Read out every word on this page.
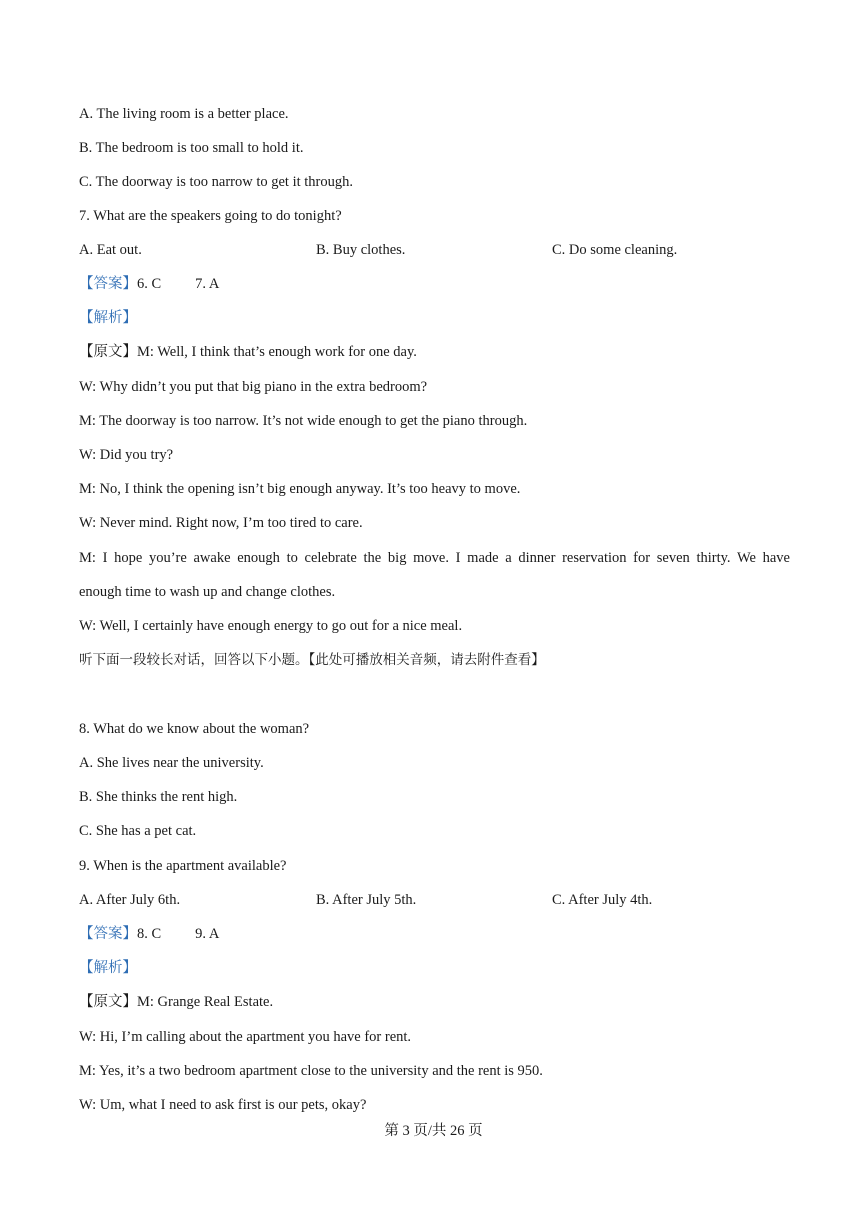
A. The living room is a better place.
B. The bedroom is too small to hold it.
C. The doorway is too narrow to get it through.
7. What are the speakers going to do tonight?
A. Eat out.	B. Buy clothes.	C. Do some cleaning.
【答案】6. C 7. A
【解析】
【原文】M: Well, I think that’s enough work for one day.
W: Why didn’t you put that big piano in the extra bedroom?
M: The doorway is too narrow. It’s not wide enough to get the piano through.
W: Did you try?
M: No, I think the opening isn’t big enough anyway. It’s too heavy to move.
W: Never mind. Right now, I’m too tired to care.
M: I hope you’re awake enough to celebrate the big move. I made a dinner reservation for seven thirty. We have
enough time to wash up and change clothes.
W: Well, I certainly have enough energy to go out for a nice meal.
听下面一段较长对话，回答以下小题。【此处可播放相关音频，请去附件查看】
8. What do we know about the woman?
A. She lives near the university.
B. She thinks the rent high.
C. She has a pet cat.
9. When is the apartment available?
A. After July 6th.	B. After July 5th.	C. After July 4th.
【答案】8. C 9. A
【解析】
【原文】M: Grange Real Estate.
W: Hi, I’m calling about the apartment you have for rent.
M: Yes, it’s a two bedroom apartment close to the university and the rent is 950.
W: Um, what I need to ask first is our pets, okay?
第 3 页/共 26 页
